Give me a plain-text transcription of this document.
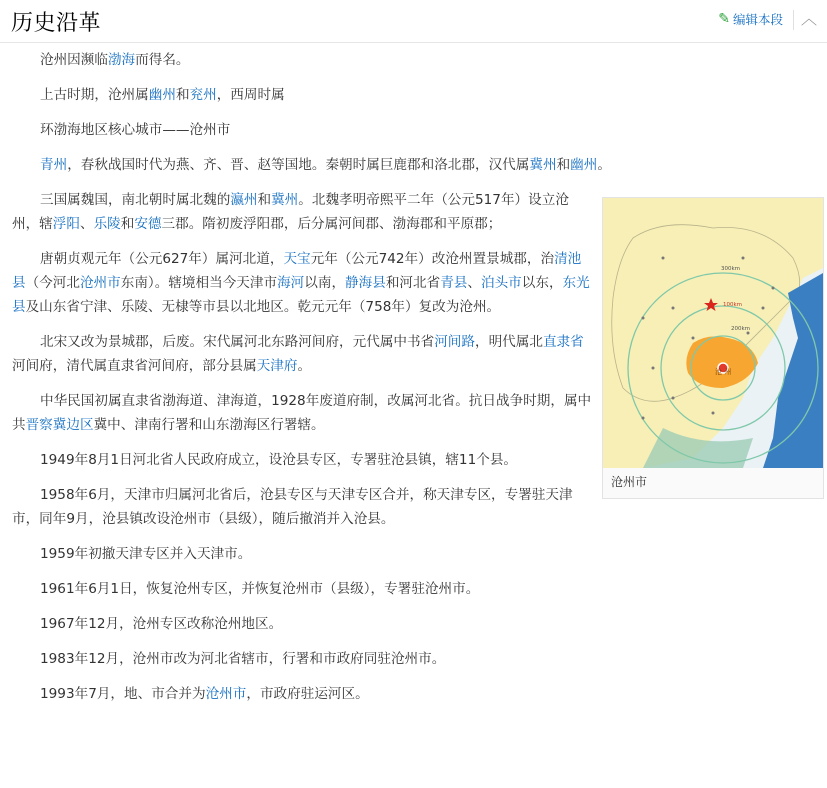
历史沿革	✎ 编辑本段 ︿

沧州因濒临渤海而得名。

上古时期，沧州属幽州和兖州，西周时属

环渤海地区核心城市——沧州市

青州，春秋战国时代为燕、齐、晋、赵等国地。秦朝时属巨鹿郡和洛北郡，汉代属冀州和幽州。

100km
200km
300km
沧 州
沧州市

三国属魏国，南北朝时属北魏的瀛州和冀州。北魏孝明帝熙平二年（公元517年）设立沧州，辖浮阳、乐陵和安德三郡。隋初废浮阳郡，后分属河间郡、渤海郡和平原郡；

唐朝贞观元年（公元627年）属河北道，天宝元年（公元742年）改沧州置景城郡，治清池县（今河北沧州市东南）。辖境相当今天津市海河以南，静海县和河北省青县、泊头市以东，东光县及山东省宁津、乐陵、无棣等市县以北地区。乾元元年（758年）复改为沧州。

北宋又改为景城郡，后废。宋代属河北东路河间府，元代属中书省河间路，明代属北直隶省河间府，清代属直隶省河间府，部分县属天津府。

中华民国初属直隶省渤海道、津海道，1928年废道府制，改属河北省。抗日战争时期，属中共晋察冀边区冀中、津南行署和山东渤海区行署辖。

1949年8月1日河北省人民政府成立，设沧县专区，专署驻沧县镇，辖11个县。

1958年6月，天津市归属河北省后，沧县专区与天津专区合并，称天津专区，专署驻天津市，同年9月，沧县镇改设沧州市（县级），随后撤消并入沧县。

1959年初撤天津专区并入天津市。

1961年6月1日，恢复沧州专区，并恢复沧州市（县级），专署驻沧州市。

1967年12月，沧州专区改称沧州地区。

1983年12月，沧州市改为河北省辖市，行署和市政府同驻沧州市。

1993年7月，地、市合并为沧州市，市政府驻运河区。
